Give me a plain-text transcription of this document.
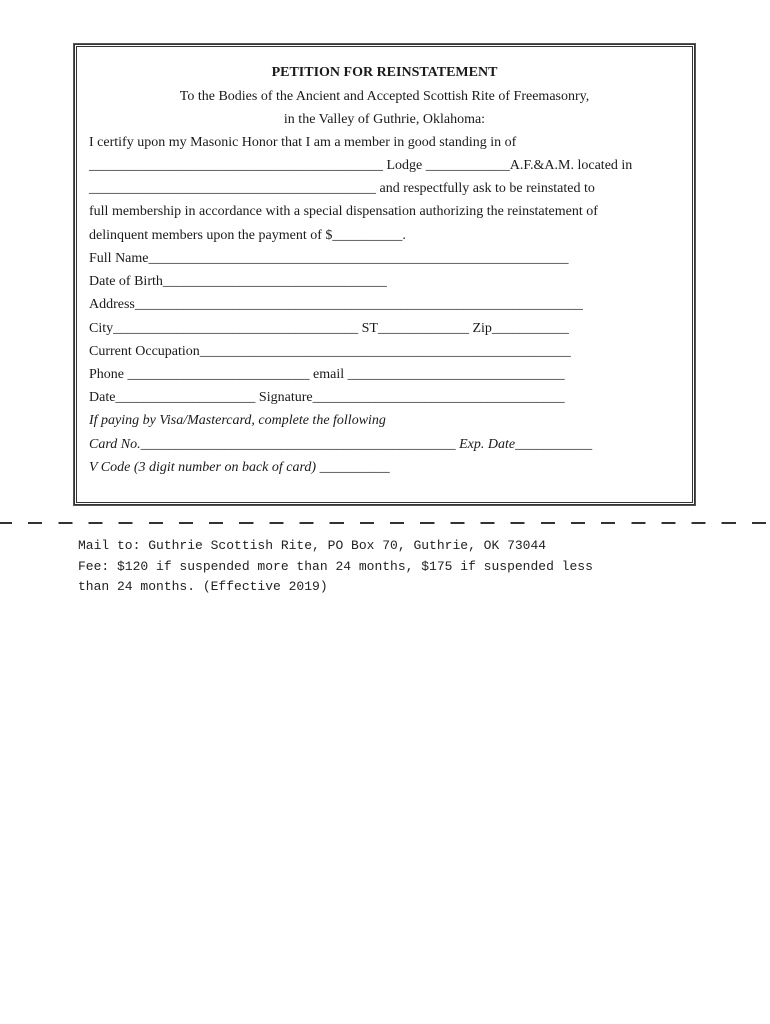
PETITION FOR REINSTATEMENT
To the Bodies of the Ancient and Accepted Scottish Rite of Freemasonry,
in the Valley of Guthrie, Oklahoma:
I certify upon my Masonic Honor that I am a member in good standing in of
__________________________________________ Lodge ____________A.F.&A.M. located in
_________________________________________ and respectfully ask to be reinstated to
full membership in accordance with a special dispensation authorizing the reinstatement of
delinquent members upon the payment of $__________.
Full Name____________________________________________________________
Date of Birth________________________________
Address________________________________________________________________
City___________________________________ ST_____________ Zip___________
Current Occupation_____________________________________________________
Phone __________________________ email _______________________________
Date____________________ Signature____________________________________
If paying by Visa/Mastercard, complete the following
Card No._____________________________________________ Exp. Date___________
V Code (3 digit number on back of card) __________
Mail to: Guthrie Scottish Rite, PO Box 70, Guthrie, OK 73044
Fee: $120 if suspended more than 24 months, $175 if suspended less
than 24 months. (Effective 2019)
